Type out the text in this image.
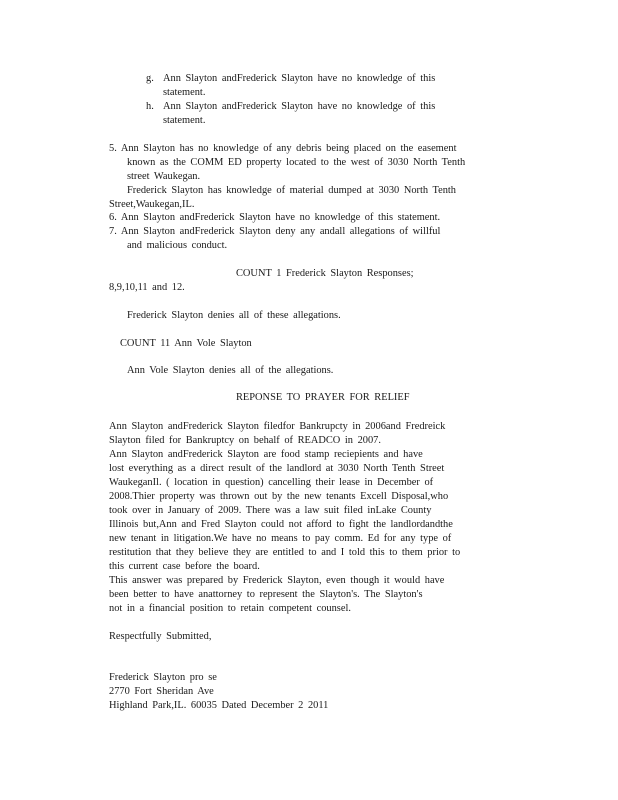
g. Ann Slayton andFrederick Slayton have no knowledge of this
statement.
h. Ann Slayton andFrederick Slayton have no knowledge of this
statement.
5. Ann Slayton has no knowledge of any debris being placed on the easement
known as the COMM ED property located to the west of 3030 North Tenth
street Waukegan.
Frederick Slayton has knowledge of material dumped at 3030 North Tenth
Street,Waukegan,IL.
6. Ann Slayton andFrederick Slayton have no knowledge of this statement.
7. Ann Slayton andFrederick Slayton deny any andall allegations of willful
and malicious conduct.
COUNT 1 Frederick Slayton Responses;
8,9,10,11 and 12.
Frederick Slayton denies all of these allegations.
COUNT 11 Ann Vole Slayton
Ann Vole Slayton denies all of the allegations.
REPONSE TO PRAYER FOR RELIEF
Ann Slayton andFrederick Slayton filedfor Bankrupcty in 2006and Fredreick
Slayton filed for Bankruptcy on behalf of READCO in 2007.
Ann Slayton andFrederick Slayton are food stamp reciepients and have
lost everything as a direct result of the landlord at 3030 North Tenth Street
WaukeganIl. ( location in question) cancelling their lease in December of
2008.Thier property was thrown out by the new tenants Excell Disposal,who
took over in January of 2009. There was a law suit filed inLake County
Illinois but,Ann and Fred Slayton could not afford to fight the landlordandthe
new tenant in litigation.We have no means to pay comm. Ed for any type of
restitution that they believe they are entitled to and I told this to them prior to
this current case before the board.
This answer was prepared by Frederick Slayton, even though it would have
been better to have anattorney to represent the Slayton's. The Slayton's
not in a financial position to retain competent counsel.
Respectfully Submitted,
Frederick Slayton pro se
2770 Fort Sheridan Ave
Highland Park,IL. 60035 Dated December 2 2011
